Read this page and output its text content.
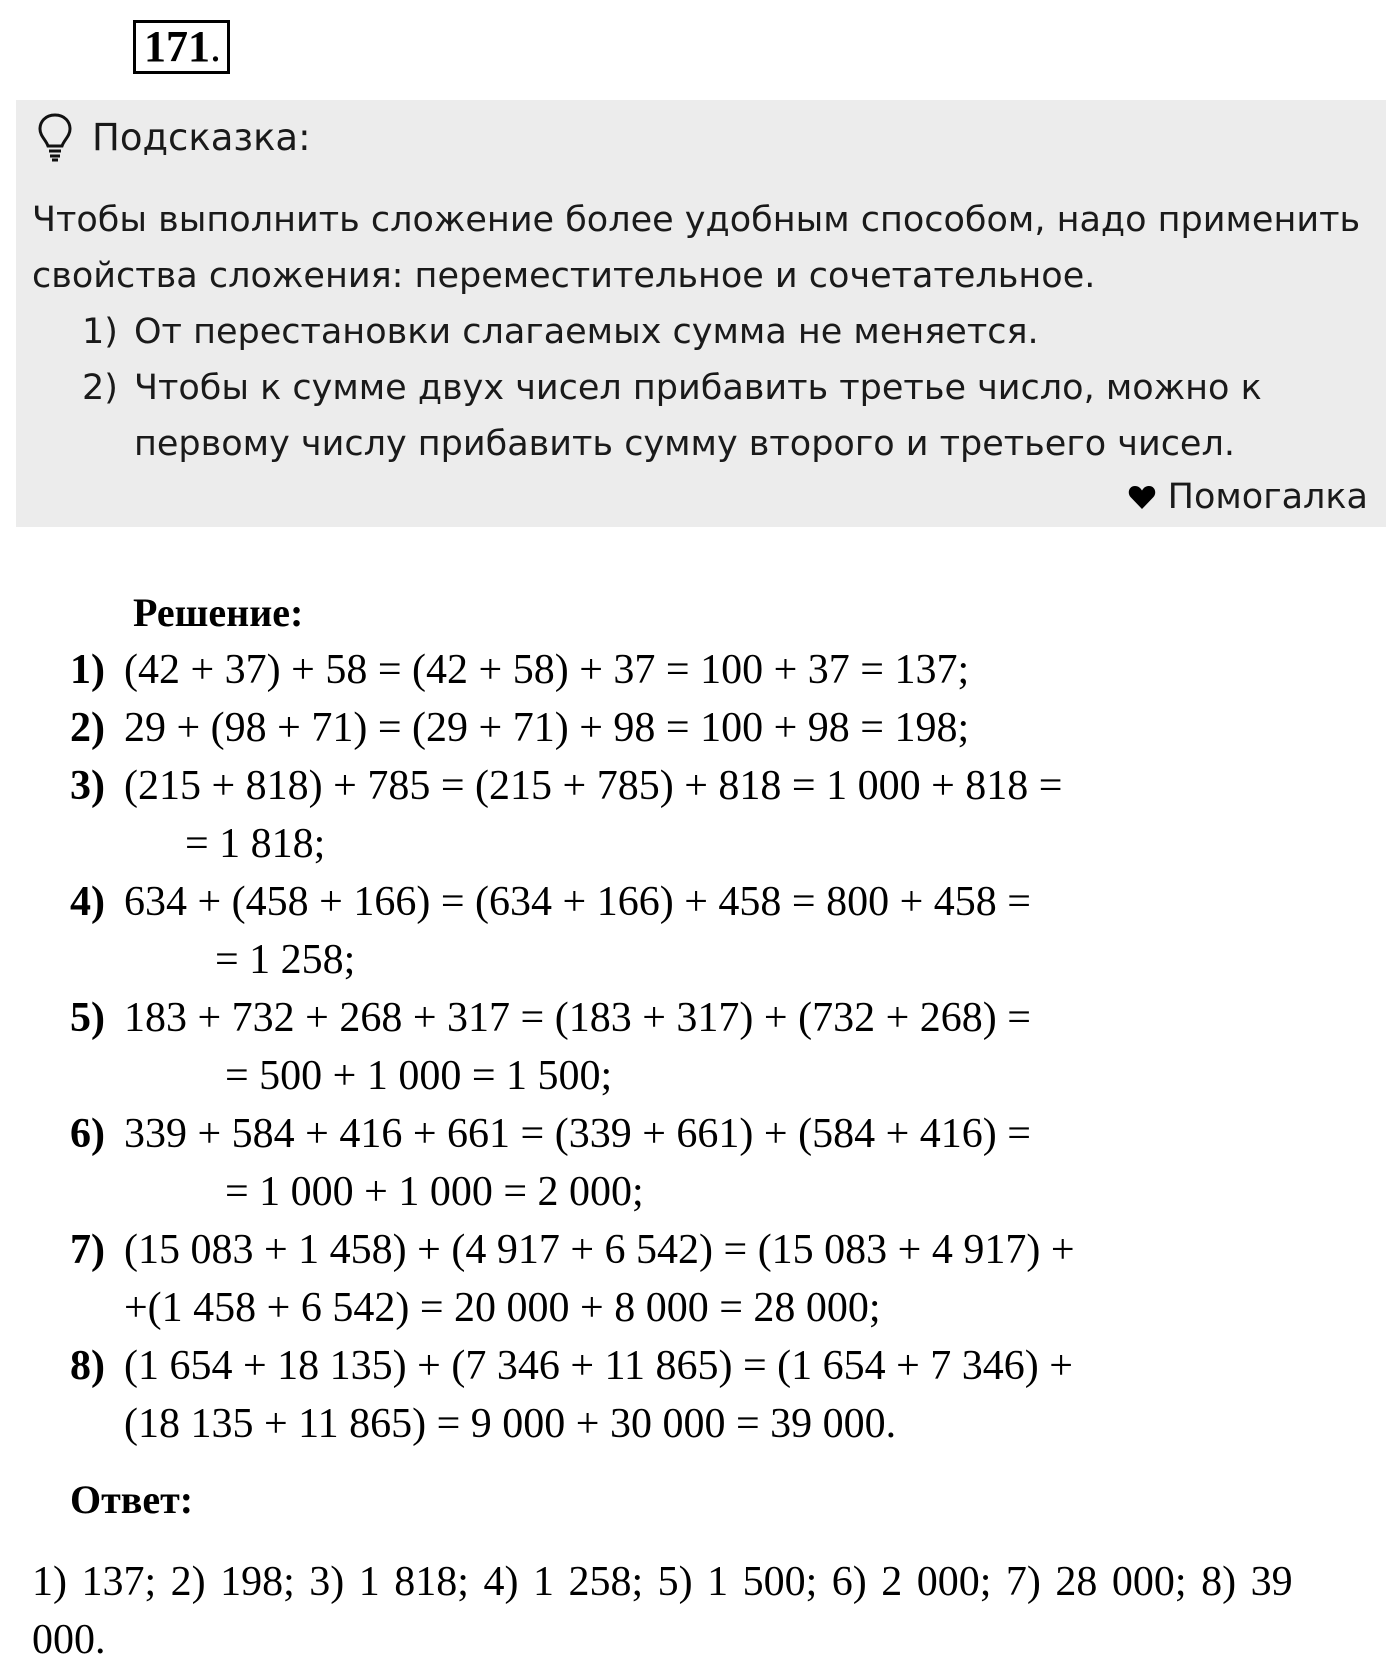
171.
Подсказка:
Чтобы выполнить сложение более удобным способом, надо применить свойства сложения: переместительное и сочетательное.
1) От перестановки слагаемых сумма не меняется.
2) Чтобы к сумме двух чисел прибавить третье число, можно к первому числу прибавить сумму второго и третьего чисел.
Помогалка
Решение:
1) (42 + 37) + 58 = (42 + 58) + 37 = 100 + 37 = 137;
2) 29 + (98 + 71) = (29 + 71) + 98 = 100 + 98 = 198;
3) (215 + 818) + 785 = (215 + 785) + 818 = 1 000 + 818 =
= 1 818;
4) 634 + (458 + 166) = (634 + 166) + 458 = 800 + 458 =
= 1 258;
5) 183 + 732 + 268 + 317 = (183 + 317) + (732 + 268) =
= 500 + 1 000 = 1 500;
6) 339 + 584 + 416 + 661 = (339 + 661) + (584 + 416) =
= 1 000 + 1 000 = 2 000;
7) (15 083 + 1 458) + (4 917 + 6 542) = (15 083 + 4 917) +
+(1 458 + 6 542) = 20 000 + 8 000 = 28 000;
8) (1 654 + 18 135) + (7 346 + 11 865) = (1 654 + 7 346) +
(18 135 + 11 865) = 9 000 + 30 000 = 39 000.
Ответ:
1) 137; 2) 198; 3) 1 818; 4) 1 258; 5) 1 500; 6) 2 000; 7) 28 000; 8) 39 000.
